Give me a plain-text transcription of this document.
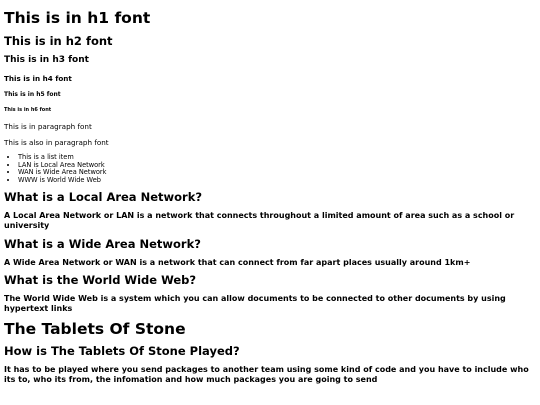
This is in h1 font
This is in h2 font
This is in h3 font
This is in h4 font
This is in h5 font
This is in h6 font
This is in paragraph font
This is also in paragraph font
• This is a list item
• LAN is Local Area Network
• WAN is Wide Area Network
• WWW is World Wide Web
What is a Local Area Network?
A Local Area Network or LAN is a network that connects throughout a limited amount of area such as a school or university
What is a Wide Area Network?
A Wide Area Network or WAN is a network that can connect from far apart places usually around 1km+
What is the World Wide Web?
The World Wide Web is a system which you can allow documents to be connected to other documents by using hypertext links
The Tablets Of Stone
How is The Tablets Of Stone Played?
It has to be played where you send packages to another team using some kind of code and you have to include who its to, who its from, the infomation and how much packages you are going to send
